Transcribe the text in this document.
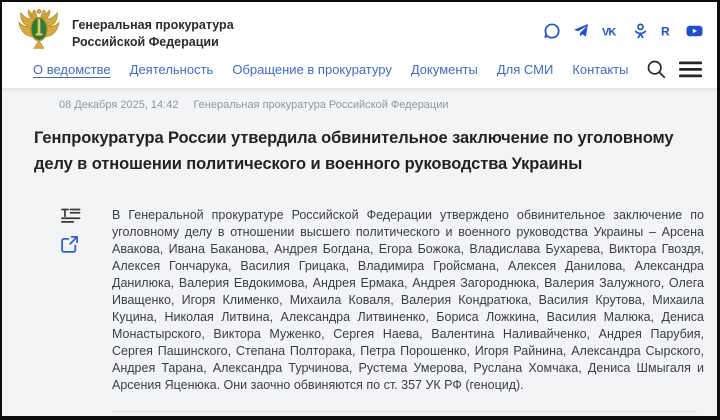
Генеральная прокуратура
Российской Федерации
VK	R
О ведомстве Деятельность Обращение в прокуратуру Документы Для СМИ Контакты
08 Декабря 2025, 14:42 Генеральная прокуратура Российской Федерации
Генпрокуратура России утвердила обвинительное заключение по уголовному делу в отношении политического и военного руководства Украины

В Генеральной прокуратуре Российской Федерации утверждено обвинительное заключение по уголовному делу в отношении высшего политического и военного руководства Украины – Арсена Авакова, Ивана Баканова, Андрея Богдана, Егора Божока, Владислава Бухарева, Виктора Гвоздя, Алексея Гончарука, Василия Грицака, Владимира Гройсмана, Алексея Данилова, Александра Данилюка, Валерия Евдокимова, Андрея Ермака, Андрея Загороднюка, Валерия Залужного, Олега Иващенко, Игоря Клименко, Михаила Коваля, Валерия Кондратюка, Василия Крутова, Михаила Куцина, Николая Литвина, Александра Литвиненко, Бориса Ложкина, Василия Малюка, Дениса Монастырского, Виктора Муженко, Сергея Наева, Валентина Наливайченко, Андрея Парубия, Сергея Пашинского, Степана Полторака, Петра Порошенко, Игоря Райнина, Александра Сырского, Андрея Тарана, Александра Турчинова, Рустема Умерова, Руслана Хомчака, Дениса Шмыгаля и Арсения Яценюка. Они заочно обвиняются по ст. 357 УК РФ (геноцид).
